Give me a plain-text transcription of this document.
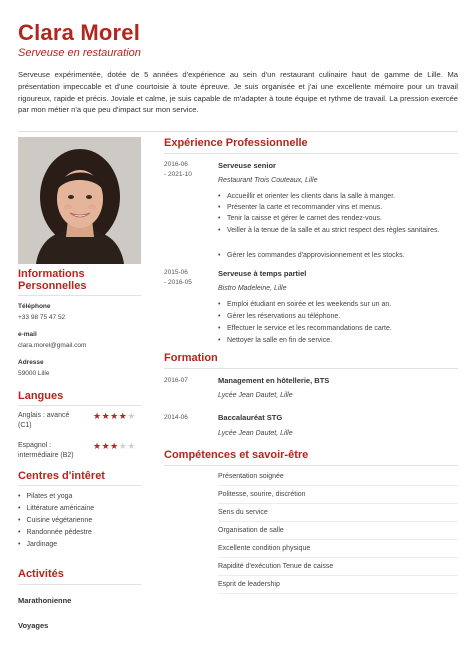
Clara Morel
Serveuse en restauration
Serveuse expérimentée, dotée de 5 années d'expérience au sein d'un restaurant culinaire haut de gamme de Lille. Ma présentation impeccable et d'une courtoisie à toute épreuve. Je suis organisée et j'ai une excellente mémoire pour un travail rigoureux, rapide et précis. Joviale et calme, je suis capable de m'adapter à toute équipe et rythme de travail. La pression exercée par mon métier n'a que peu d'impact sur mon service.
Informations
Personnelles
Téléphone
+33 98 75 47 52
e-mail
clara.morel@gmail.com
Adresse
59000 Lille
Langues
Anglais : avancé
(C1)
★★★★★
Espagnol :
intermédiaire (B2)
★★★★★
Centres d'intêret
• Pilates et yoga
• Littérature américaine
• Cuisine végétarienne
• Randonnée pédestre
• Jardinage
Activités
Marathonienne
Voyages
Expérience Professionnelle
2016-06
- 2021-10
Serveuse senior
Restaurant Trois Couteaux, Lille
• Accueillir et orienter les clients dans la salle à manger.
• Présenter la carte et recommander vins et menus.
• Tenir la caisse et gérer le carnet des rendez-vous.
• Veiller à la tenue de la salle et au strict respect des règles sanitaires.
• Gérer les commandes d'approvisionnement et les stocks.
2015-06
- 2016-05
Serveuse à temps partiel
Bistro Madeleine, Lille
• Emploi étudiant en soirée et les weekends sur un an.
• Gérer les réservations au téléphone.
• Effectuer le service et les recommandations de carte.
• Nettoyer la salle en fin de service.
Formation
2016-07	Management en hôtellerie, BTS
Lycée Jean Dautet, Lille
2014-06	Baccalauréat STG
Lycée Jean Dautet, Lille
Compétences et savoir-être
Présentation soignée
Politesse, sourire, discrétion
Sens du service
Organisation de salle
Excellente condition physique
Rapidité d'exécution Tenue de caisse
Esprit de leadership
